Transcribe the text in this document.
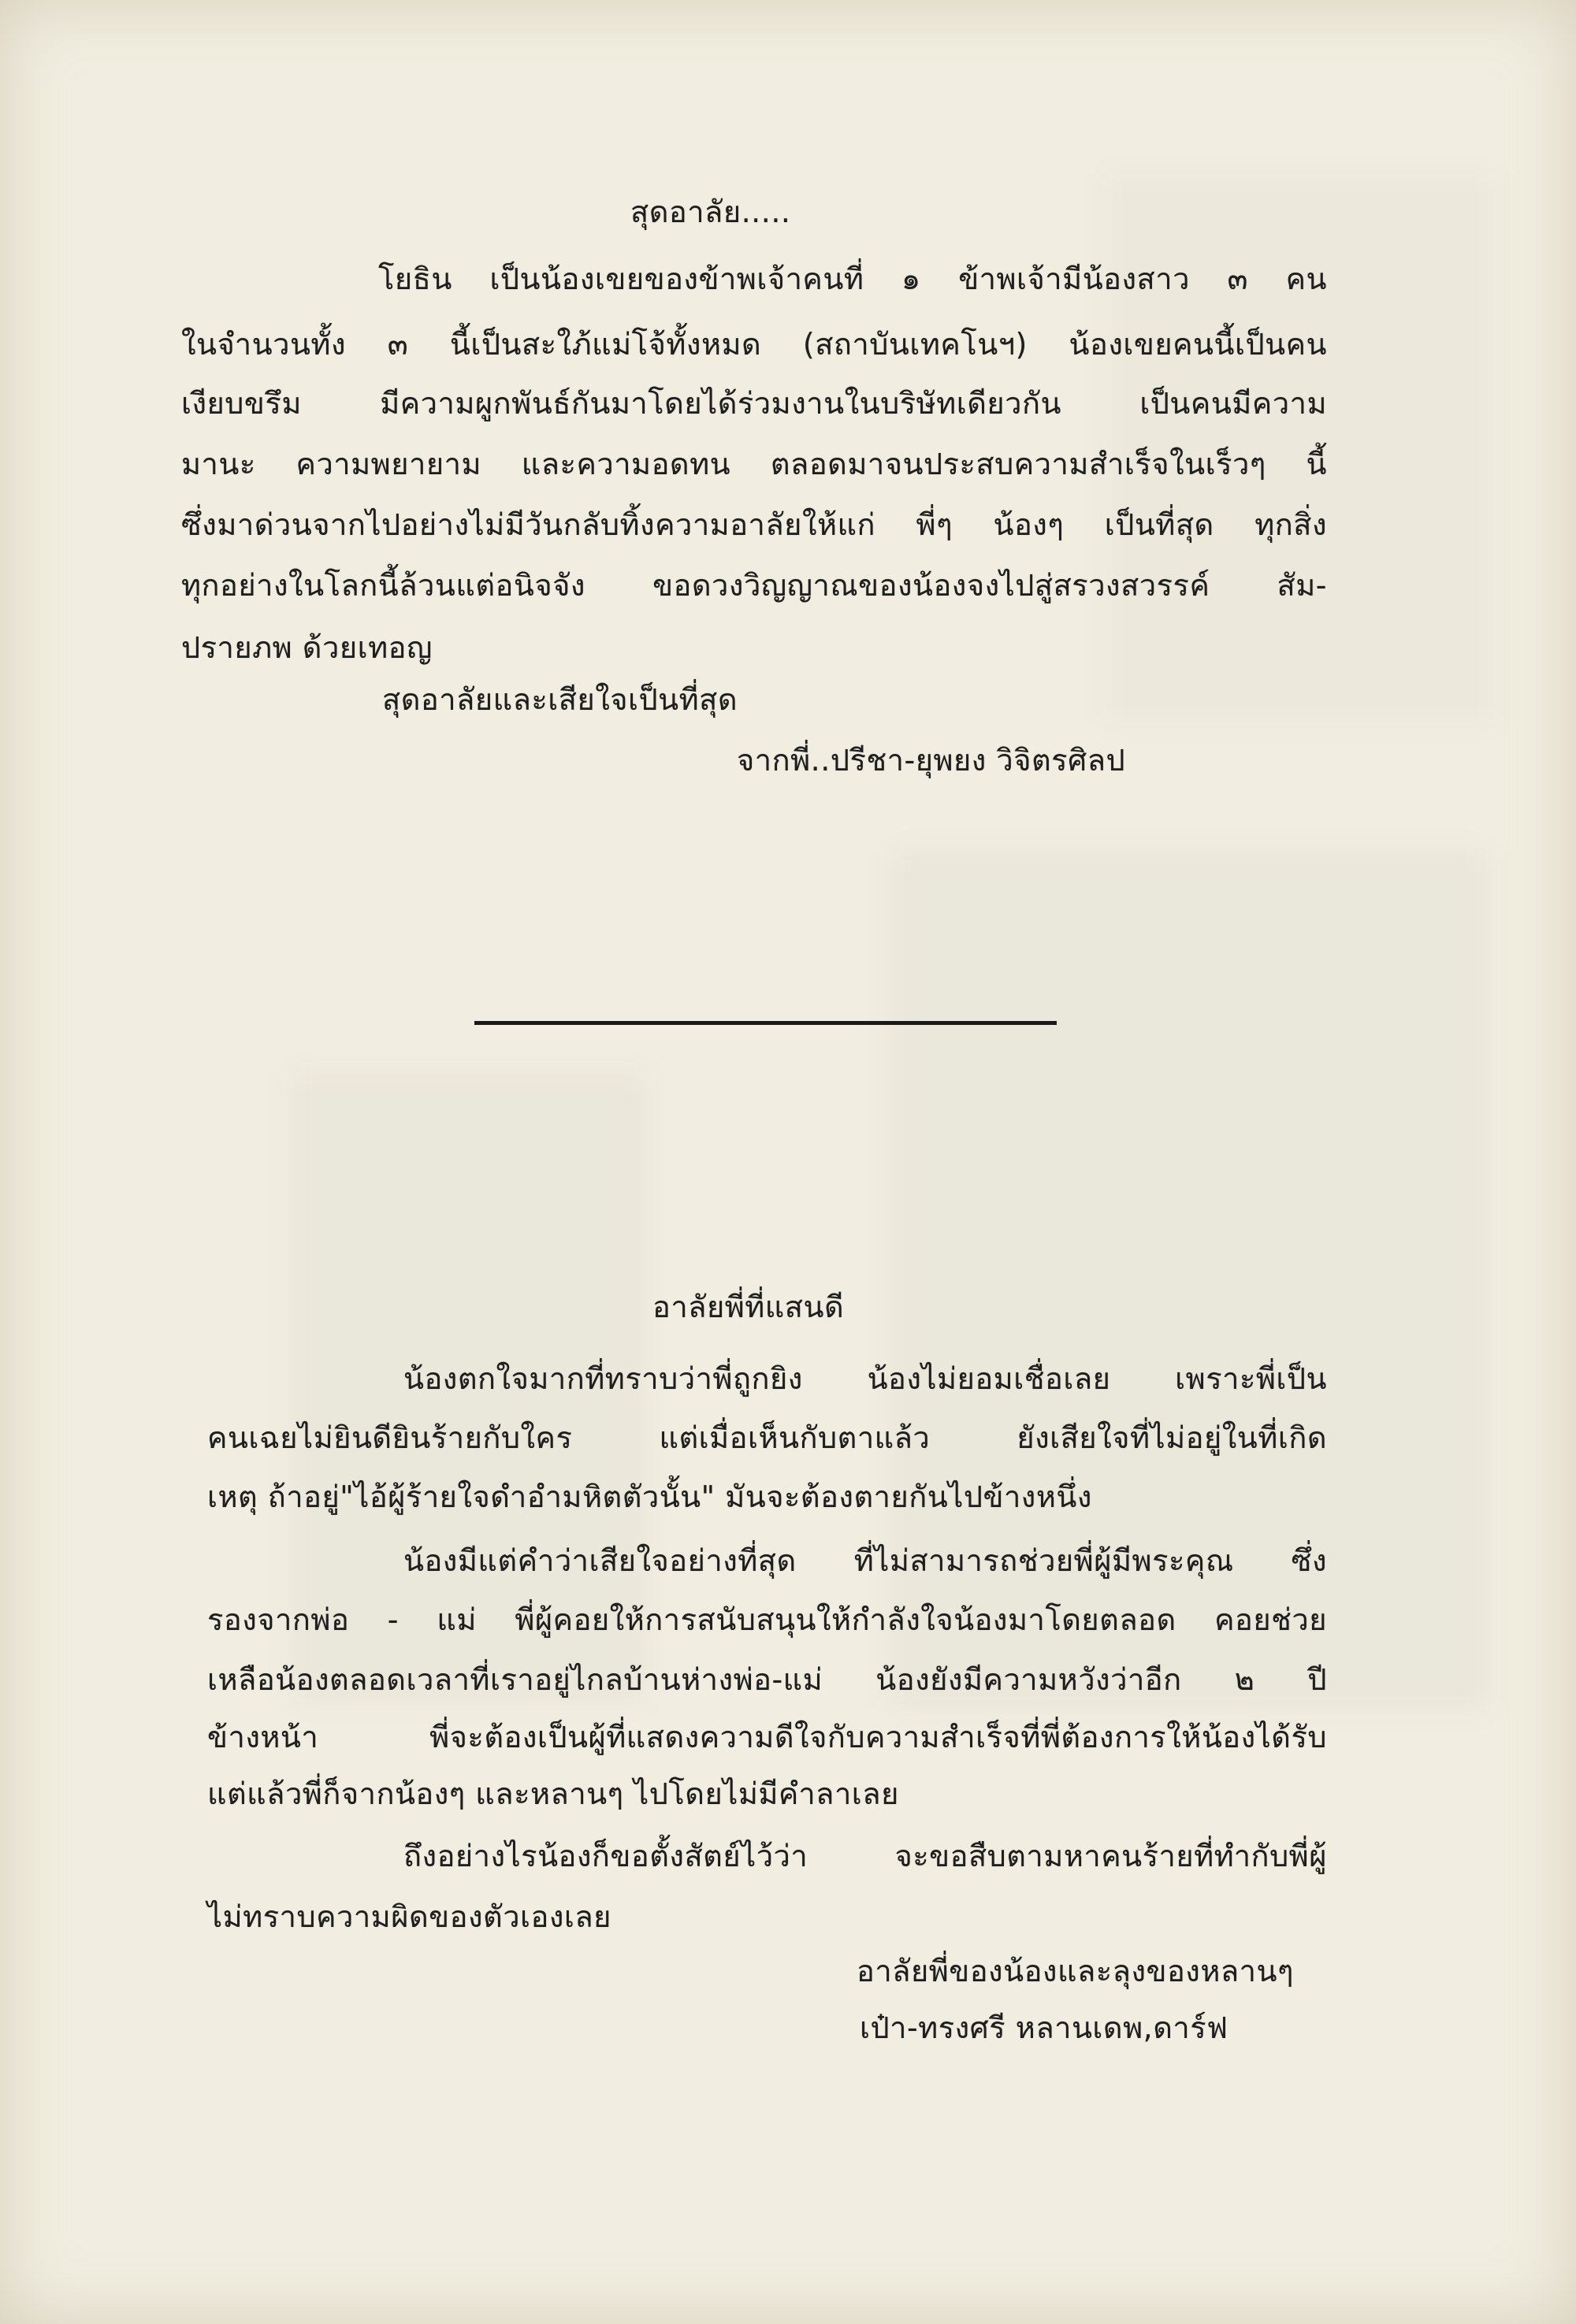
สุดอาลัย.....
โยธิน เป็นน้องเขยของข้าพเจ้าคนที่ ๑ ข้าพเจ้ามีน้องสาว ๓ คน
ในจำนวนทั้ง ๓ นี้เป็นสะใภ้แม่โจ้ทั้งหมด (สถาบันเทคโนฯ) น้องเขยคนนี้เป็นคน
เงียบขรึม มีความผูกพันธ์กันมาโดยได้ร่วมงานในบริษัทเดียวกัน เป็นคนมีความ
มานะ ความพยายาม และความอดทน ตลอดมาจนประสบความสำเร็จในเร็วๆ นี้
ซึ่งมาด่วนจากไปอย่างไม่มีวันกลับทิ้งความอาลัยให้แก่ พี่ๆ น้องๆ เป็นที่สุด ทุกสิ่ง
ทุกอย่างในโลกนี้ล้วนแต่อนิจจัง ขอดวงวิญญาณของน้องจงไปสู่สรวงสวรรค์ สัม-
ปรายภพ ด้วยเทอญ
สุดอาลัยและเสียใจเป็นที่สุด
จากพี่..ปรีชา-ยุพยง วิจิตรศิลป
อาลัยพี่ที่แสนดี
น้องตกใจมากที่ทราบว่าพี่ถูกยิง น้องไม่ยอมเชื่อเลย เพราะพี่เป็น
คนเฉยไม่ยินดียินร้ายกับใคร แต่เมื่อเห็นกับตาแล้ว ยังเสียใจที่ไม่อยู่ในที่เกิด
เหตุ ถ้าอยู่"ไอ้ผู้ร้ายใจดำอำมหิตตัวนั้น" มันจะต้องตายกันไปข้างหนึ่ง
น้องมีแต่คำว่าเสียใจอย่างที่สุด ที่ไม่สามารถช่วยพี่ผู้มีพระคุณ ซึ่ง
รองจากพ่อ - แม่ พี่ผู้คอยให้การสนับสนุนให้กำลังใจน้องมาโดยตลอด คอยช่วย
เหลือน้องตลอดเวลาที่เราอยู่ไกลบ้านห่างพ่อ-แม่ น้องยังมีความหวังว่าอีก ๒ ปี
ข้างหน้า พี่จะต้องเป็นผู้ที่แสดงความดีใจกับความสำเร็จที่พี่ต้องการให้น้องได้รับ
แต่แล้วพี่ก็จากน้องๆ และหลานๆ ไปโดยไม่มีคำลาเลย
ถึงอย่างไรน้องก็ขอตั้งสัตย์ไว้ว่า จะขอสืบตามหาคนร้ายที่ทำกับพี่ผู้
ไม่ทราบความผิดของตัวเองเลย
อาลัยพี่ของน้องและลุงของหลานๆ
เป๋า-ทรงศรี หลานเดพ,ดาร์ฟ
